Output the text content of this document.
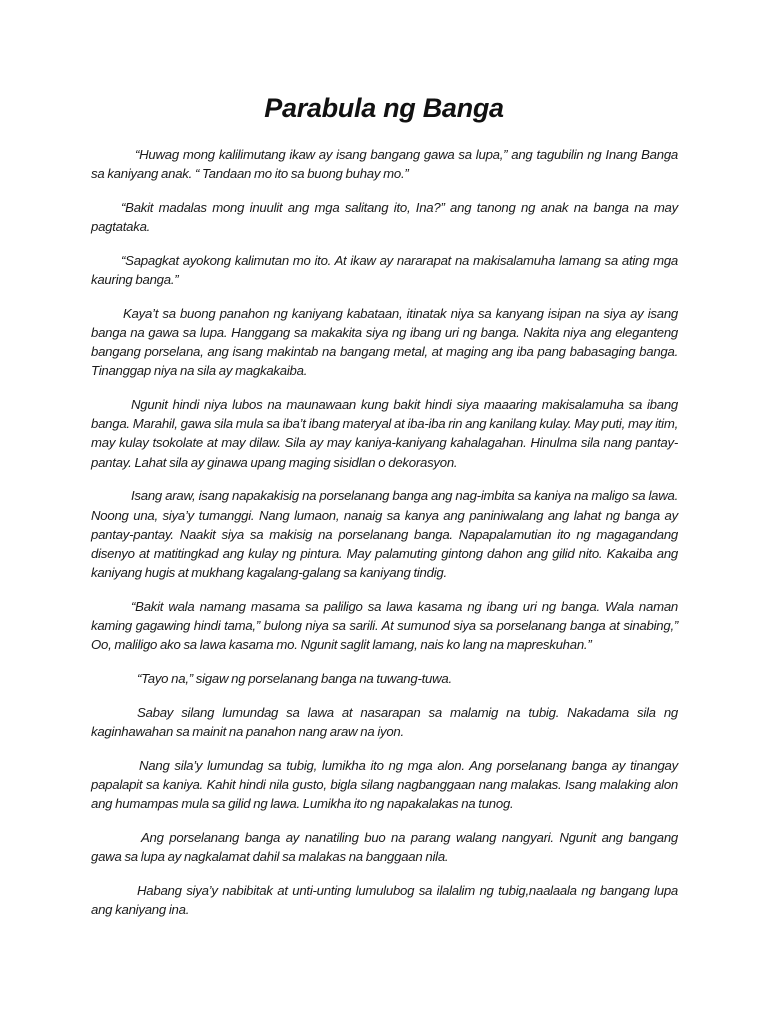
Parabula ng Banga

“Huwag mong kalilimutang ikaw ay isang bangang gawa sa lupa,” ang tagubilin ng Inang Banga sa kaniyang anak. “ Tandaan mo ito sa buong buhay mo.”

“Bakit madalas mong inuulit ang mga salitang ito, Ina?” ang tanong ng anak na banga na may pagtataka.

“Sapagkat ayokong kalimutan mo ito. At ikaw ay nararapat na makisalamuha lamang sa ating mga kauring banga.”

Kaya’t sa buong panahon ng kaniyang kabataan, itinatak niya sa kanyang isipan na siya ay isang banga na gawa sa lupa. Hanggang sa makakita siya ng ibang uri ng banga. Nakita niya ang eleganteng bangang porselana, ang isang makintab na bangang metal, at maging ang iba pang babasaging banga. Tinanggap niya na sila ay magkakaiba.

Ngunit hindi niya lubos na maunawaan kung bakit hindi siya maaaring makisalamuha sa ibang banga. Marahil, gawa sila mula sa iba’t ibang materyal at iba-iba rin ang kanilang kulay. May puti, may itim, may kulay tsokolate at may dilaw. Sila ay may kaniya-kaniyang kahalagahan. Hinulma sila nang pantay-pantay. Lahat sila ay ginawa upang maging sisidlan o dekorasyon.

Isang araw, isang napakakisig na porselanang banga ang nag-imbita sa kaniya na maligo sa lawa. Noong una, siya’y tumanggi. Nang lumaon, nanaig sa kanya ang paniniwalang ang lahat ng banga ay pantay-pantay. Naakit siya sa makisig na porselanang banga. Napapalamutian ito ng magagandang disenyo at matitingkad ang kulay ng pintura. May palamuting gintong dahon ang gilid nito. Kakaiba ang kaniyang hugis at mukhang kagalang-galang sa kaniyang tindig.

“Bakit wala namang masama sa paliligo sa lawa kasama ng ibang uri ng banga. Wala naman kaming gagawing hindi tama,” bulong niya sa sarili. At sumunod siya sa porselanang banga at sinabing,” Oo, maliligo ako sa lawa kasama mo. Ngunit saglit lamang, nais ko lang na mapreskuhan.”

“Tayo na,” sigaw ng porselanang banga na tuwang-tuwa.

Sabay silang lumundag sa lawa at nasarapan sa malamig na tubig. Nakadama sila ng kaginhawahan sa mainit na panahon nang araw na iyon.

Nang sila’y lumundag sa tubig, lumikha ito ng mga alon. Ang porselanang banga ay tinangay papalapit sa kaniya. Kahit hindi nila gusto, bigla silang nagbanggaan nang malakas. Isang malaking alon ang humampas mula sa gilid ng lawa. Lumikha ito ng napakalakas na tunog.

Ang porselanang banga ay nanatiling buo na parang walang nangyari. Ngunit ang bangang gawa sa lupa ay nagkalamat dahil sa malakas na banggaan nila.

Habang siya’y nabibitak at unti-unting lumulubog sa ilalalim ng tubig,naalaala ng bangang lupa ang kaniyang ina.
